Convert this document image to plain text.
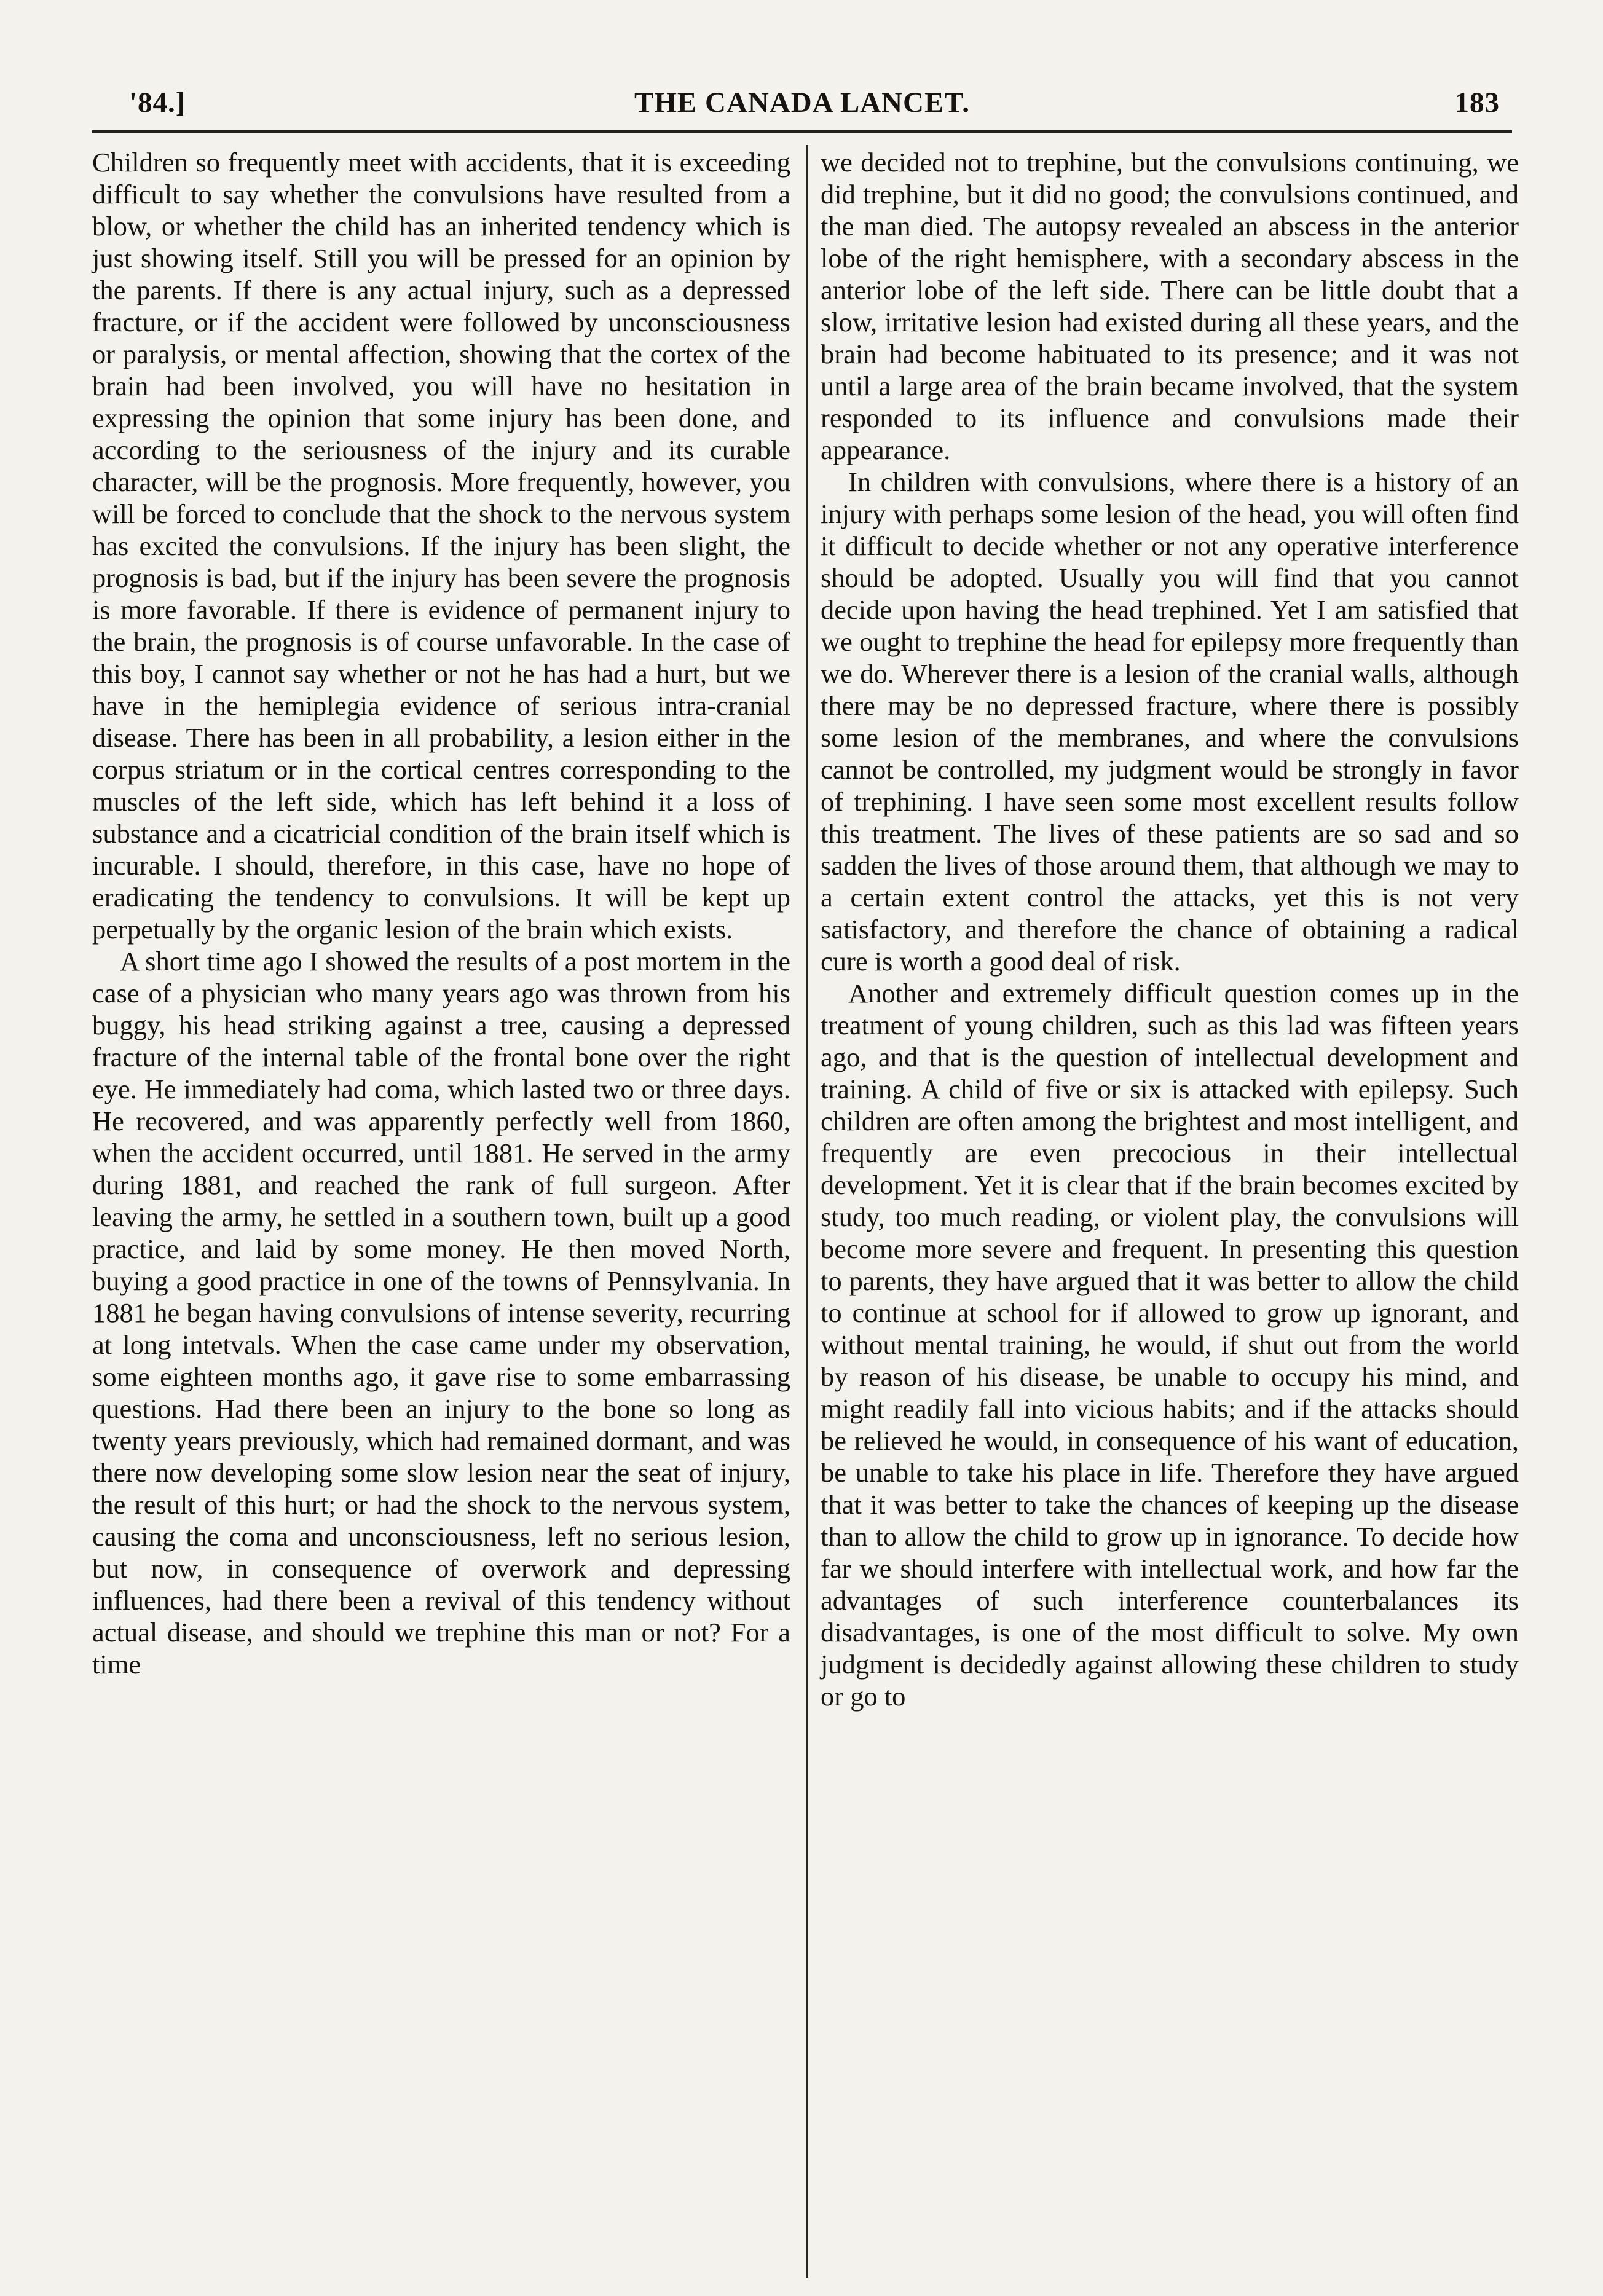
'84.]	THE CANADA LANCET.	183

Children so frequently meet with accidents, that it is exceeding difficult to say whether the convulsions have resulted from a blow, or whether the child has an inherited tendency which is just showing itself. Still you will be pressed for an opinion by the parents. If there is any actual injury, such as a depressed fracture, or if the accident were followed by unconsciousness or paralysis, or mental affection, showing that the cortex of the brain had been involved, you will have no hesitation in expressing the opinion that some injury has been done, and according to the seriousness of the injury and its curable character, will be the prognosis. More frequently, however, you will be forced to conclude that the shock to the nervous system has excited the convulsions. If the injury has been slight, the prognosis is bad, but if the injury has been severe the prognosis is more favorable. If there is evidence of permanent injury to the brain, the prognosis is of course unfavorable. In the case of this boy, I cannot say whether or not he has had a hurt, but we have in the hemiplegia evidence of serious intra-cranial disease. There has been in all probability, a lesion either in the corpus striatum or in the cortical centres corresponding to the muscles of the left side, which has left behind it a loss of substance and a cicatricial condition of the brain itself which is incurable. I should, therefore, in this case, have no hope of eradicating the tendency to convulsions. It will be kept up perpetually by the organic lesion of the brain which exists.

A short time ago I showed the results of a post mortem in the case of a physician who many years ago was thrown from his buggy, his head striking against a tree, causing a depressed fracture of the internal table of the frontal bone over the right eye. He immediately had coma, which lasted two or three days. He recovered, and was apparently perfectly well from 1860, when the accident occurred, until 1881. He served in the army during 1881, and reached the rank of full surgeon. After leaving the army, he settled in a southern town, built up a good practice, and laid by some money. He then moved North, buying a good practice in one of the towns of Pennsylvania. In 1881 he began having convulsions of intense severity, recurring at long intetvals. When the case came under my observation, some eighteen months ago, it gave rise to some embarrassing questions. Had there been an injury to the bone so long as twenty years previously, which had remained dormant, and was there now developing some slow lesion near the seat of injury, the result of this hurt; or had the shock to the nervous system, causing the coma and unconsciousness, left no serious lesion, but now, in consequence of overwork and depressing influences, had there been a revival of this tendency without actual disease, and should we trephine this man or not? For a time

we decided not to trephine, but the convulsions continuing, we did trephine, but it did no good; the convulsions continued, and the man died. The autopsy revealed an abscess in the anterior lobe of the right hemisphere, with a secondary abscess in the anterior lobe of the left side. There can be little doubt that a slow, irritative lesion had existed during all these years, and the brain had become habituated to its presence; and it was not until a large area of the brain became involved, that the system responded to its influence and convulsions made their appearance.

In children with convulsions, where there is a history of an injury with perhaps some lesion of the head, you will often find it difficult to decide whether or not any operative interference should be adopted. Usually you will find that you cannot decide upon having the head trephined. Yet I am satisfied that we ought to trephine the head for epilepsy more frequently than we do. Wherever there is a lesion of the cranial walls, although there may be no depressed fracture, where there is possibly some lesion of the membranes, and where the convulsions cannot be controlled, my judgment would be strongly in favor of trephining. I have seen some most excellent results follow this treatment. The lives of these patients are so sad and so sadden the lives of those around them, that although we may to a certain extent control the attacks, yet this is not very satisfactory, and therefore the chance of obtaining a radical cure is worth a good deal of risk.

Another and extremely difficult question comes up in the treatment of young children, such as this lad was fifteen years ago, and that is the question of intellectual development and training. A child of five or six is attacked with epilepsy. Such children are often among the brightest and most intelligent, and frequently are even precocious in their intellectual development. Yet it is clear that if the brain becomes excited by study, too much reading, or violent play, the convulsions will become more severe and frequent. In presenting this question to parents, they have argued that it was better to allow the child to continue at school for if allowed to grow up ignorant, and without mental training, he would, if shut out from the world by reason of his disease, be unable to occupy his mind, and might readily fall into vicious habits; and if the attacks should be relieved he would, in consequence of his want of education, be unable to take his place in life. Therefore they have argued that it was better to take the chances of keeping up the disease than to allow the child to grow up in ignorance. To decide how far we should interfere with intellectual work, and how far the advantages of such interference counterbalances its disadvantages, is one of the most difficult to solve. My own judgment is decidedly against allowing these children to study or go to
